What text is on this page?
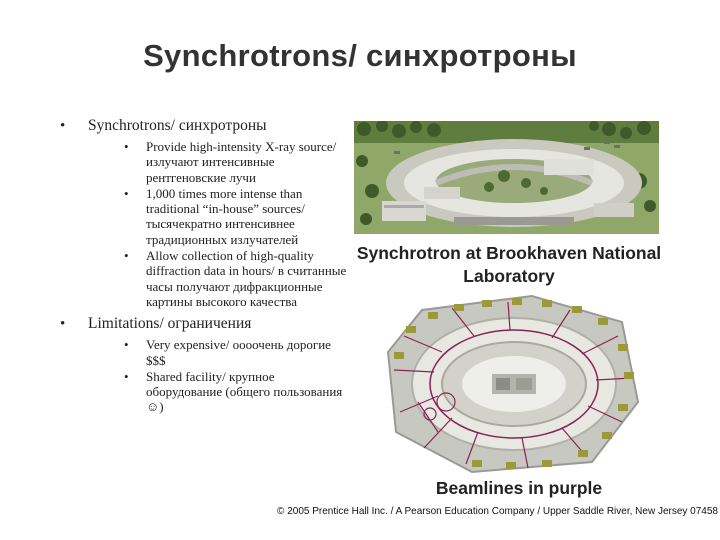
Synchrotrons/ синхротроны
• Synchrotrons/ синхротроны
• Provide high-intensity X-ray source/ излучают интенсивные рентгеновские лучи
• 1,000 times more intense than traditional “in-house” sources/ тысячекратно интенсивнее традиционных излучателей
• Allow collection of high-quality diffraction data in hours/ в считанные часы получают дифракционные картины высокого качества
• Limitations/ ограничения
• Very expensive/ оооочень дорогие $$$
• Shared facility/ крупное оборудование (общего пользования ☺)
Synchrotron at Brookhaven National Laboratory
Beamlines in purple
© 2005 Prentice Hall Inc. / A Pearson Education Company / Upper Saddle River, New Jersey 07458
